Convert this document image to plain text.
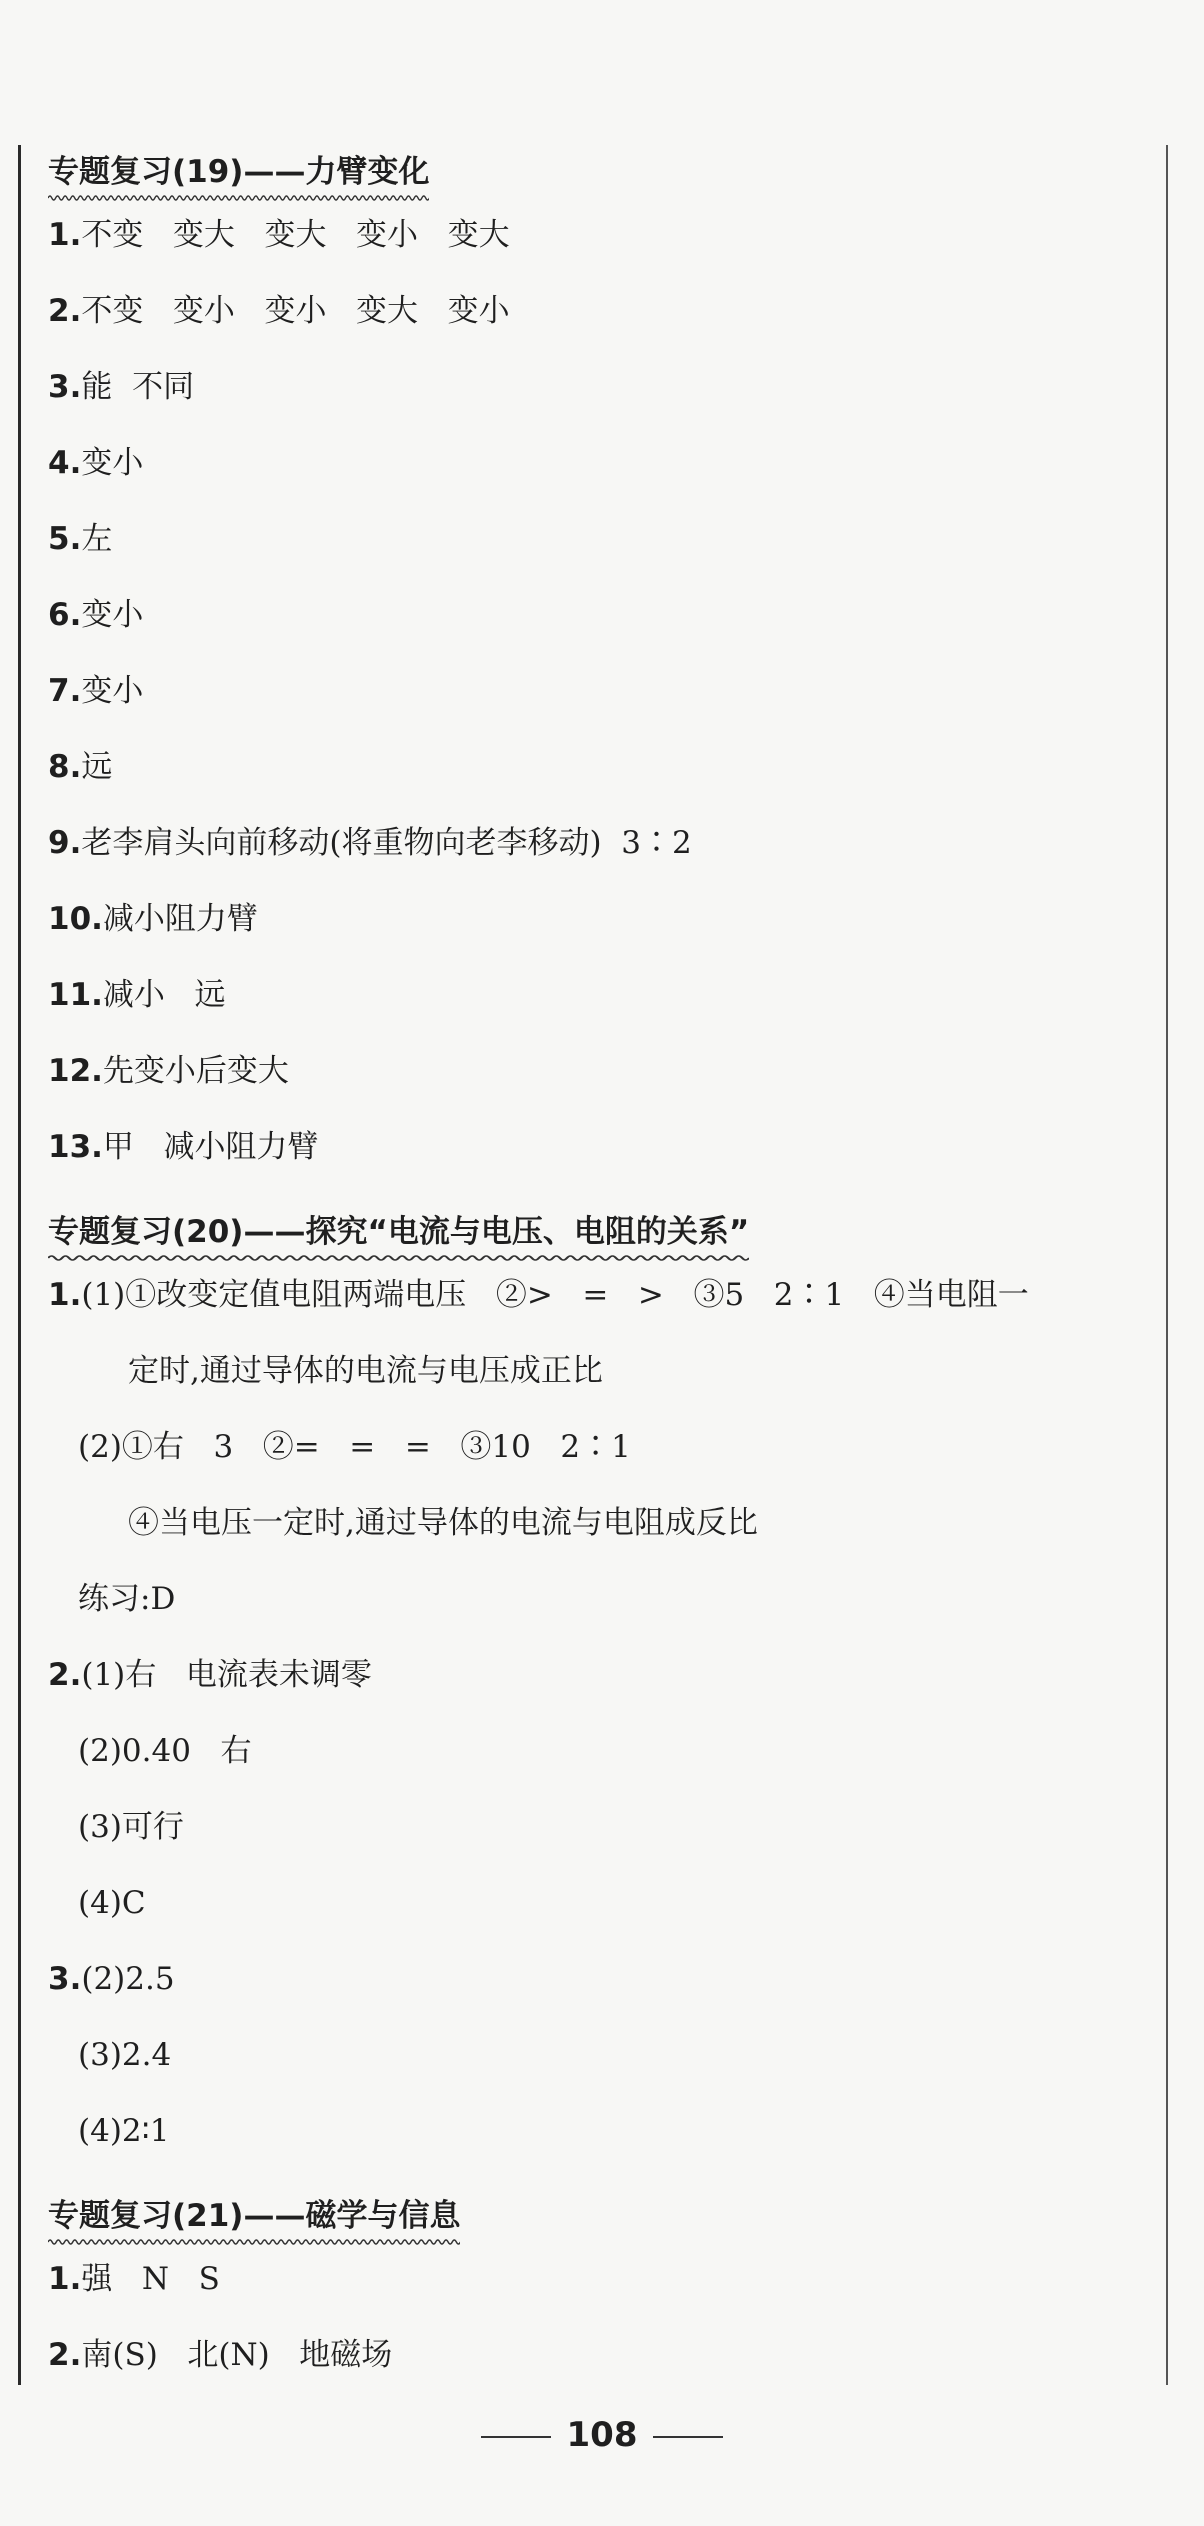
专题复习(19)——力臂变化
1.不变   变大   变大   变小   变大
2.不变   变小   变小   变大   变小
3.能  不同
4.变小
5.左
6.变小
7.变小
8.远
9.老李肩头向前移动(将重物向老李移动)  3∶2
10.减小阻力臂
11.减小   远
12.先变小后变大
13.甲   减小阻力臂
专题复习(20)——探究“电流与电压、电阻的关系”
1.(1)①改变定值电阻两端电压   ②>   =   >   ③5   2∶1   ④当电阻一
定时,通过导体的电流与电压成正比
(2)①右   3   ②=   =   =   ③10   2∶1
④当电压一定时,通过导体的电流与电阻成反比
练习:D
2.(1)右   电流表未调零
(2)0.40   右
(3)可行
(4)C
3.(2)2.5
(3)2.4
(4)2∶1
专题复习(21)——磁学与信息
1.强   N   S
2.南(S)   北(N)   地磁场
108
